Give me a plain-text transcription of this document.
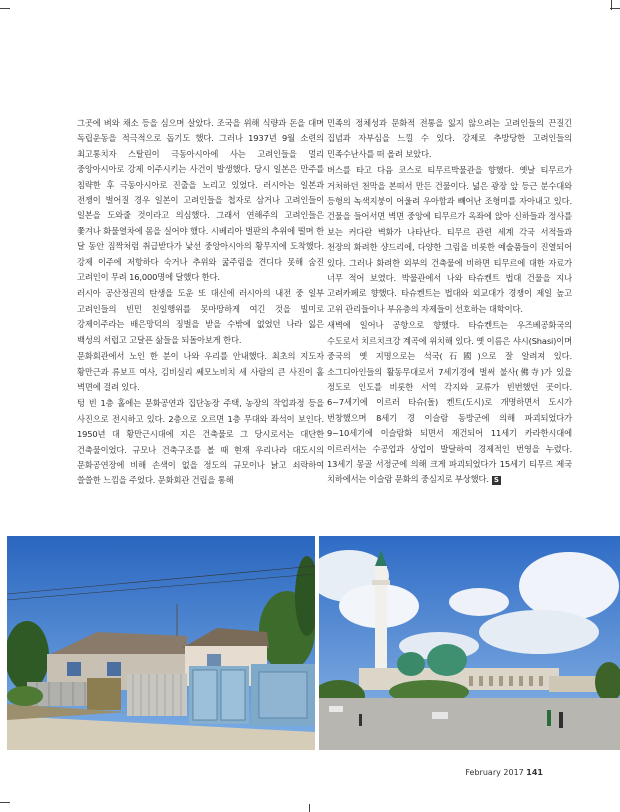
그곳에 벼와 채소 등을 심으며 살았다. 조국을 위해 식량과 돈을 대며 독립운동을 적극적으로 돕기도 했다. 그러나 1937년 9월 소련의 최고통치자 스탈린이 극동아시아에 사는 고려인들을 멀리 중앙아시아로 강제 이주시키는 사건이 발생했다. 당시 일본은 만주를 침략한 후 극동아시아로 진출을 노리고 있었다. 러시아는 일본과 전쟁이 벌어질 경우 일본이 고려인들을 첩자로 삼거나 고려인들이 일본을 도와줄 것이라고 의심했다. 그래서 연해주의 고려인들은 쫓겨나 화물열차에 몸을 실어야 했다. 시베리아 벌판의 추위에 떨며 한 달 동안 짐짝처럼 취급받다가 낯선 중앙아시아의 황무지에 도착했다. 강제 이주에 저항하다 숙거나 추위와 굶주림을 견디다 못해 숨진 고려인이 무려 16,000명에 달했다 한다.

러시아 공산정권의 탄생을 도운 또 대신에 러시아의 내전 중 일부 고려인들의 빈민 친일행위를 못마땅하게 여긴 것을 빌미로 강제이주라는 배은망덕의 징벌을 받을 수밖에 없었던 나라 잃은 백성의 서럽고 고달픈 삶들을 되돌아보게 한다.

문화회관에서 노인 한 분이 나와 우리를 안내했다. 최초의 지도자 황만근과 류보프 여사, 김비실리 쎄모노비치 세 사람의 큰 사진이 홀 벽면에 걸려 있다.

텅 빈 1층 홀에는 문화공연과 집단농장 주택, 농장의 작업과정 등을 사진으로 전시하고 있다. 2층으로 오르면 1층 무대와 좌석이 보인다. 1950년 대 황만근시대에 지은 건축물로 그 당시로서는 대단한 건축물이었다. 규모나 건축구조를 볼 때 현재 우리나라 대도시의 문화공연장에 비해 손색이 없을 정도의 규모이나 낡고 쇠락하여 쓸쓸한 느낌을 주었다. 문화회관 건립을 통해

민족의 정체성과 문화적 전통을 잃지 않으려는 고려인들의 끈질긴 집념과 자부심을 느낄 수 있다. 강제로 추방당한 고려인들의 민족수난사를 떠 올려 보았다.

버스를 타고 다음 코스로 티무르박물관을 향했다. 옛날 티무르가 거처하던 천막을 본떠서 만든 건물이다. 넓은 광장 앞 등근 분수대와 등형의 녹색지붕이 어울려 우아함과 빼어난 조형미를 자아내고 있다. 건물을 들어서면 벽면 중앙에 티무르가 옥좌에 앉아 신하들과 정사를 보는 커다란 벽화가 나타난다. 티무르 관련 세계 각국 서적들과 천장의 화려한 샹드리에, 다양한 그림을 비롯한 예술품들이 진열되어 있다. 그러나 화려한 외부의 건축물에 비하면 티무르에 대한 자료가 너무 적어 보였다. 박물관에서 나와 타슈켄트 법대 건물을 지나 고려카페로 향했다. 타슈켄트는 법대와 외교대가 경쟁이 제일 높고 고위 관리들이나 부유층의 자제들이 선호하는 대학이다.

새벽에 일어나 공항으로 향했다. 타슈켄트는 우즈베공화국의 수도로서 치르치크강 계곡에 위치해 있다. 옛 이름은 샤시(Shasi)이며 중국의 옛 지명으로는 석국(石國)으로 잘 알려져 있다. 소그디아인들의 활동무대로서 7세기경에 벌써 불사(佛寺)가 있을 정도로 인도를 비롯한 서역 각지와 교류가 빈번했던 곳이다. 6~7세기에 이르러 타슈(돌) 켄트(도시)로 개명하면서 도시가 번창했으며 8세기 경 이슬람 동방군에 의해 파괴되었다가 9~10세기에 이슬람화 되면서 재건되어 11세기 카라한시대에 이르러서는 수공업과 상업이 발달하여 경제적인 번영을 누렸다. 13세기 몽골 서정군에 의해 크게 파괴되었다가 15세기 티무르 제국 치하에서는 이슬람 문화의 중심지로 부상했다. S

February 2017 141
